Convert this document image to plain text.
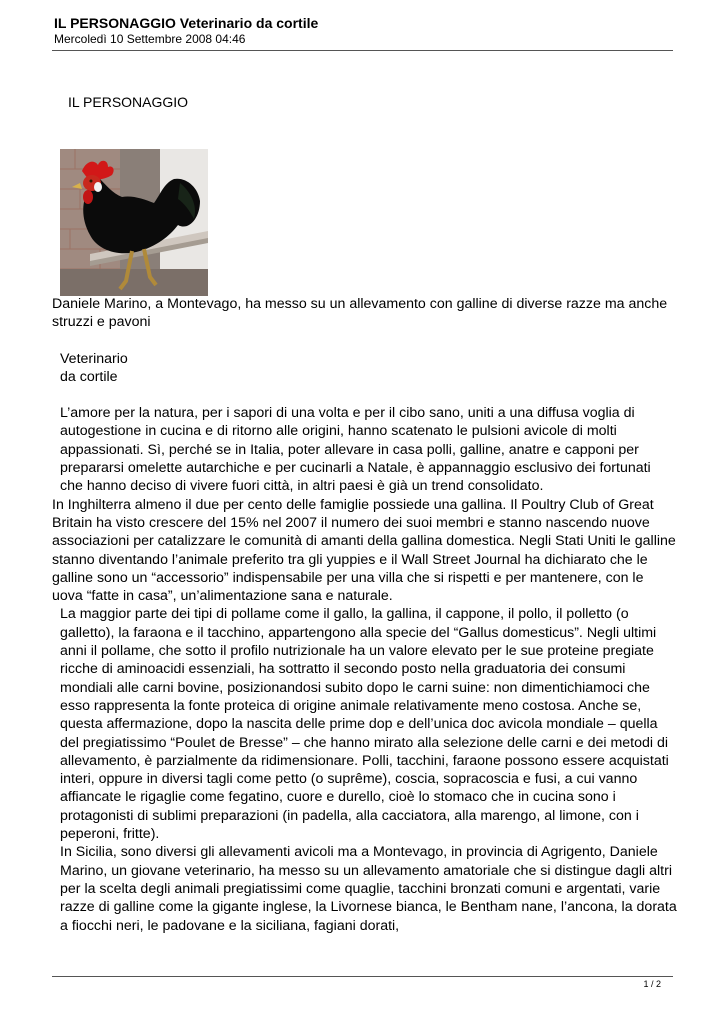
IL PERSONAGGIO Veterinario da cortile
Mercoledì 10 Settembre 2008 04:46
IL PERSONAGGIO

Daniele Marino, a Montevago, ha messo su un allevamento con galline di diverse razze ma anche struzzi e pavoni

Veterinario

da cortile

L’amore per la natura, per i sapori di una volta e per il cibo sano, uniti a una diffusa voglia di autogestione in cucina e di ritorno alle origini, hanno scatenato le pulsioni avicole di molti appassionati. Sì, perché se in Italia, poter allevare in casa polli, galline, anatre e capponi per prepararsi omelette autarchiche e per cucinarli a Natale, è appannaggio esclusivo dei fortunati che hanno deciso di vivere fuori città, in altri paesi è già un trend consolidato.

In Inghilterra almeno il due per cento delle famiglie possiede una gallina. Il Poultry Club of Great Britain ha visto crescere del 15% nel 2007 il numero dei suoi membri e stanno nascendo nuove associazioni per catalizzare le comunità di amanti della gallina domestica. Negli Stati Uniti le galline stanno diventando l’animale preferito tra gli yuppies e il Wall Street Journal ha dichiarato che le galline sono un “accessorio” indispensabile per una villa che si rispetti e per mantenere, con le uova “fatte in casa”, un’alimentazione sana e naturale.

La maggior parte dei tipi di pollame come il gallo, la gallina, il cappone, il pollo, il polletto (o galletto), la faraona e il tacchino, appartengono alla specie del “Gallus domesticus”. Negli ultimi anni il pollame, che sotto il profilo nutrizionale ha un valore elevato per le sue proteine pregiate ricche di aminoacidi essenziali, ha sottratto il secondo posto nella graduatoria dei consumi mondiali alle carni bovine, posizionandosi subito dopo le carni suine: non dimentichiamoci che esso rappresenta la fonte proteica di origine animale relativamente meno costosa. Anche se, questa affermazione, dopo la nascita delle prime dop e dell’unica doc avicola mondiale – quella del pregiatissimo “Poulet de Bresse” – che hanno mirato alla selezione delle carni e dei metodi di allevamento, è parzialmente da ridimensionare. Polli, tacchini, faraone possono essere acquistati interi, oppure in diversi tagli come petto (o suprême), coscia, sopracoscia e fusi, a cui vanno affiancate le rigaglie come fegatino, cuore e durello, cioè lo stomaco che in cucina sono i protagonisti di sublimi preparazioni (in padella, alla cacciatora, alla marengo, al limone, con i peperoni, fritte).

In Sicilia, sono diversi gli allevamenti avicoli ma a Montevago, in provincia di Agrigento, Daniele Marino, un giovane veterinario, ha messo su un allevamento amatoriale che si distingue dagli altri per la scelta degli animali pregiatissimi come quaglie, tacchini bronzati comuni e argentati, varie razze di galline come la gigante inglese, la Livornese bianca, le Bentham nane, l’ancona, la dorata a fiocchi neri, le padovane e la siciliana, fagiani dorati,

1 / 2
